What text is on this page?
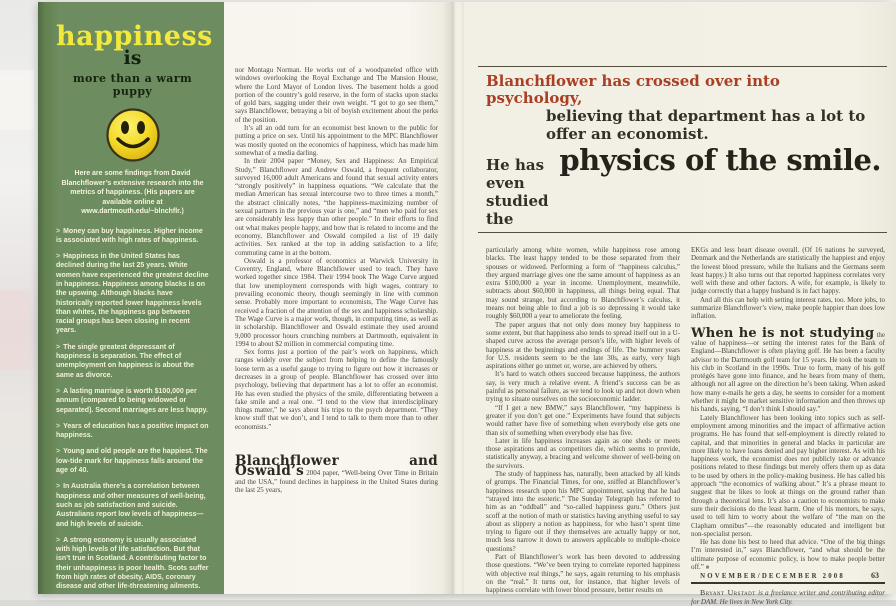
happiness
is
more than a warm puppy

Here are some findings from David Blanchflower’s extensive research into the metrics of happiness. (His papers are available online at www.dartmouth.edu/~blnchflr.)

> Money can buy happiness. Higher income is associated with high rates of happiness.
> Happiness in the United States has declined during the last 25 years. White women have experienced the greatest decline in happiness. Happiness among blacks is on the upswing. Although blacks have historically reported lower happiness levels than whites, the happiness gap between racial groups has been closing in recent years.
> The single greatest depressant of happiness is separation. The effect of unemployment on happiness is about the same as divorce.
> A lasting marriage is worth $100,000 per annum (compared to being widowed or separated). Second marriages are less happy.
> Years of education has a positive impact on happiness.
> Young and old people are the happiest. The low-tide mark for happiness falls around the age of 40.
> In Australia there’s a correlation between happiness and other measures of well-being, such as job satisfaction and suicide. Australians report low levels of happiness—and high levels of suicide.
> A strong economy is usually associated with high levels of life satisfaction. But that isn’t true in Scotland. A contributing factor to their unhappiness is poor health. Scots suffer from high rates of obesity, AIDS, coronary disease and other life-threatening ailments.

nor Montagu Norman. He works out of a woodpaneled office with windows overlooking the Royal Exchange and The Mansion House, where the Lord Mayor of London lives. The basement holds a good portion of the country’s gold reserve, in the form of stacks upon stacks of gold bars, sagging under their own weight. “I got to go see them,” says Blanchflower, betraying a bit of boyish excitement about the perks of the position.

It’s all an odd turn for an economist best known to the public for putting a price on sex. Until his appointment to the MPC Blanchflower was mostly quoted on the economics of happiness, which has made him somewhat of a media darling.

In their 2004 paper “Money, Sex and Happiness: An Empirical Study,” Blanchflower and Andrew Oswald, a frequent collaborator, surveyed 16,000 adult Americans and found that sexual activity enters “strongly positively” in happiness equations. “We calculate that the median American has sexual intercourse two to three times a month,” the abstract clinically notes, “the happiness-maximizing number of sexual partners in the previous year is one,” and “men who paid for sex are considerably less happy than other people.” In their efforts to find out what makes people happy, and how that is related to income and the economy, Blanchflower and Oswald compiled a list of 19 daily activities. Sex ranked at the top in adding satisfaction to a life; commuting came in at the bottom.

Oswald is a professor of economics at Warwick University in Coventry, England, where Blanchflower used to teach. They have worked together since 1984. Their 1994 book The Wage Curve argued that low unemployment corresponds with high wages, contrary to prevailing economic theory, though seemingly in line with common sense. Probably more important to economists, The Wage Curve has received a fraction of the attention of the sex and happiness scholarship. The Wage Curve is a major work, though, in computing time, as well as in scholarship. Blanchflower and Oswald estimate they used around 9,000 processor hours crunching numbers at Dartmouth, equivalent in 1994 to about $2 million in commercial computing time.

Sex forms just a portion of the pair’s work on happiness, which ranges widely over the subject from helping to define the famously loose term as a useful gauge to trying to figure out how it increases or decreases in a group of people. Blanchflower has crossed over into psychology, believing that department has a lot to offer an economist. He has even studied the physics of the smile, differentiating between a fake smile and a real one. “I tend to the view that interdisciplinary things matter,” he says about his trips to the psych department. “They know stuff that we don’t, and I tend to talk to them more than to other economists.”

Blanchflower and Oswald’s 2004 paper, “Well-being Over Time in Britain and the USA,” found declines in happiness in the United States during the last 25 years,

Blanchflower has crossed over into psychology,
believing that department has a lot to offer an economist.
He has even studied the
physics of the smile.

particularly among white women, while happiness rose among blacks. The least happy tended to be those separated from their spouses or widowed. Performing a form of “happiness calculus,” they argued marriage gives one the same amount of happiness as an extra $100,000 a year in income. Unemployment, meanwhile, subtracts about $60,000 in happiness, all things being equal. That may sound strange, but according to Blanchflower’s calculus, it means not being able to find a job is so depressing it would take roughly $60,000 a year to ameliorate the feeling.

The paper argues that not only does money buy happiness to some extent, but that happiness also tends to spread itself out in a U-shaped curve across the average person’s life, with higher levels of happiness at the beginnings and endings of life. The bummer years for U.S. residents seem to be the late 30s, as early, very high aspirations either go unmet or, worse, are achieved by others.

It’s hard to watch others succeed because happiness, the authors say, is very much a relative event. A friend’s success can be as painful as personal failure, as we tend to look up and not down when trying to situate ourselves on the socioeconomic ladder.

“If I get a new BMW,” says Blanchflower, “my happiness is greater if you don’t get one.” Experiments have found that subjects would rather have five of something when everybody else gets one than six of something when everybody else has five.

Later in life happiness increases again as one sheds or meets those aspirations and as competitors die, which seems to provide, statistically anyway, a bracing and welcome shower of well-being on the survivors.

The study of happiness has, naturally, been attacked by all kinds of grumps. The Financial Times, for one, sniffed at Blanchflower’s happiness research upon his MPC appointment, saying that he had “strayed into the esoteric.” The Sunday Telegraph has referred to him as an “oddball” and “so-called happiness guru.” Others just scoff at the notion of math or statistics having anything useful to say about as slippery a notion as happiness, for who hasn’t spent time trying to figure out if they themselves are actually happy or not, much less narrow it down to answers applicable to multiple-choice questions?

Part of Blanchflower’s work has been devoted to addressing those questions. “We’ve been trying to correlate reported happiness with objective real things,” he says, again returning to his emphasis on the “real.” It turns out, for instance, that higher levels of happiness correlate with lower blood pressure, better results on

EKGs and less heart disease overall. (Of 16 nations he surveyed, Denmark and the Netherlands are statistically the happiest and enjoy the lowest blood pressure, while the Italians and the Germans seem least happy.) It also turns out that reported happiness correlates very well with these and other factors. A wife, for example, is likely to judge correctly that a happy husband is in fact happy.

And all this can help with setting interest rates, too. More jobs, to summarize Blanchflower’s view, make people happier than does low inflation.

When he is not studying the value of happiness—or setting the interest rates for the Bank of England—Blanchflower is often playing golf. He has been a faculty advisor to the Dartmouth golf team for 15 years. He took the team to his club in Scotland in the 1990s. True to form, many of his golf protégés have gone into finance, and he hears from many of them, although not all agree on the direction he’s been taking. When asked how many e-mails he gets a day, he seems to consider for a moment whether it might be market sensitive information and then throws up his hands, saying, “I don’t think I should say.”

Lately Blanchflower has been looking into topics such as self-employment among minorities and the impact of affirmative action programs. He has found that self-employment is directly related to capital, and that minorities in general and blacks in particular are more likely to have loans denied and pay higher interest. As with his happiness work, the economist does not publicly take or advance positions related to these findings but merely offers them up as data to be used by others in the policy-making business. He has called his approach “the economics of walking about.” It’s a phrase meant to suggest that he likes to look at things on the ground rather than through a theoretical lens. It’s also a caution to economists to make sure their decisions do the least harm. One of his mentors, he says, used to tell him to worry about the welfare of “the man on the Clapham omnibus”—the reasonably educated and intelligent but non-specialist person.

He has done his best to heed that advice. “One of the big things I’m interested in,” says Blanchflower, “and what should be the ultimate purpose of economic policy, is how to make people better off.” ■

Bryant Urstadt is a freelance writer and contributing editor for DAM. He lives in New York City.

NOVEMBER/DECEMBER 2008	63
